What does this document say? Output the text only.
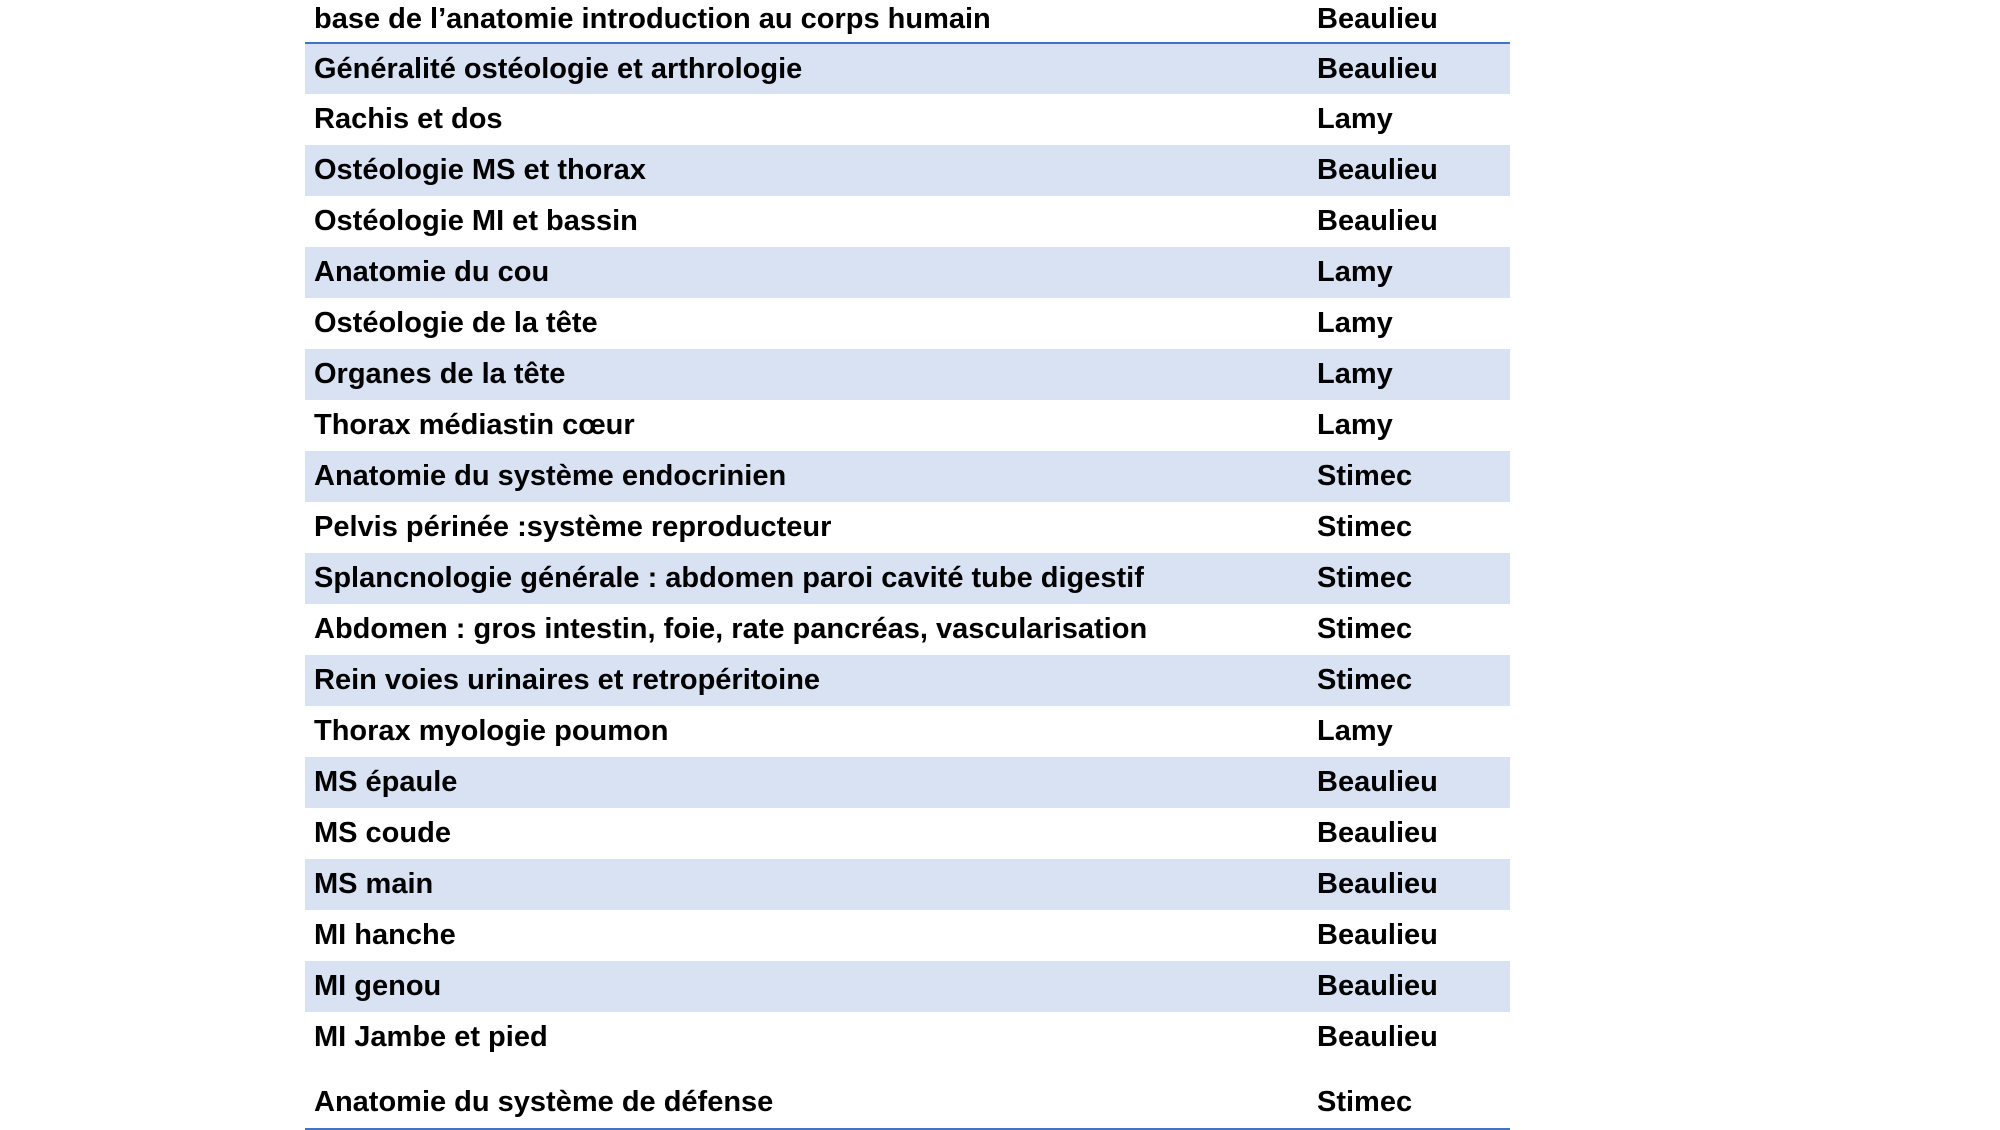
base de l’anatomie introduction au corps humain	Beaulieu
Généralité ostéologie et arthrologie	Beaulieu
Rachis et dos	Lamy
Ostéologie MS et thorax	Beaulieu
Ostéologie MI et bassin	Beaulieu
Anatomie du cou	Lamy
Ostéologie de la tête	Lamy
Organes de la tête	Lamy
Thorax médiastin cœur	Lamy
Anatomie du système endocrinien	Stimec
Pelvis périnée :système reproducteur	Stimec
Splancnologie générale : abdomen paroi cavité tube digestif	Stimec
Abdomen : gros intestin, foie, rate pancréas, vascularisation	Stimec
Rein voies urinaires et retropéritoine	Stimec
Thorax myologie poumon	Lamy
MS épaule	Beaulieu
MS coude	Beaulieu
MS main	Beaulieu
MI hanche	Beaulieu
MI genou	Beaulieu
MI Jambe et pied	Beaulieu
Anatomie du système de défense	Stimec
